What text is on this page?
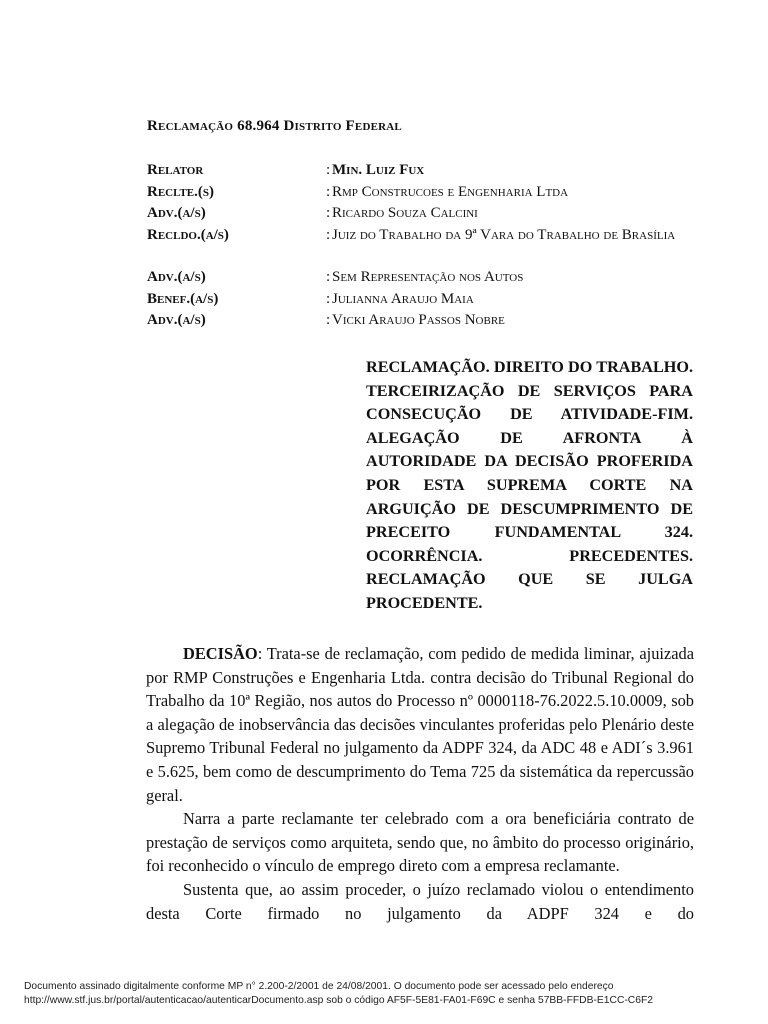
Reclamação 68.964 Distrito Federal
Relator	: Min. Luiz Fux
Reclte.(s)	: Rmp Construcoes e Engenharia Ltda
Adv.(a/s)	: Ricardo Souza Calcini
Recldo.(a/s)	: Juiz do Trabalho da 9ª Vara do Trabalho de Brasília
Adv.(a/s)	: Sem Representação nos Autos
Benef.(a/s)	: Julianna Araujo Maia
Adv.(a/s)	: Vicki Araujo Passos Nobre
RECLAMAÇÃO. DIREITO DO TRABALHO. TERCEIRIZAÇÃO DE SERVIÇOS PARA CONSECUÇÃO DE ATIVIDADE-FIM. ALEGAÇÃO DE AFRONTA À AUTORIDADE DA DECISÃO PROFERIDA POR ESTA SUPREMA CORTE NA ARGUIÇÃO DE DESCUMPRIMENTO DE PRECEITO FUNDAMENTAL 324. OCORRÊNCIA. PRECEDENTES. RECLAMAÇÃO QUE SE JULGA PROCEDENTE.

DECISÃO: Trata-se de reclamação, com pedido de medida liminar, ajuizada por RMP Construções e Engenharia Ltda. contra decisão do Tribunal Regional do Trabalho da 10ª Região, nos autos do Processo nº 0000118-76.2022.5.10.0009, sob a alegação de inobservância das decisões vinculantes proferidas pelo Plenário deste Supremo Tribunal Federal no julgamento da ADPF 324, da ADC 48 e ADI´s 3.961 e 5.625, bem como de descumprimento do Tema 725 da sistemática da repercussão geral.

Narra a parte reclamante ter celebrado com a ora beneficiária contrato de prestação de serviços como arquiteta, sendo que, no âmbito do processo originário, foi reconhecido o vínculo de emprego direto com a empresa reclamante.

Sustenta que, ao assim proceder, o juízo reclamado violou o entendimento desta Corte firmado no julgamento da ADPF 324 e do

Documento assinado digitalmente conforme MP n° 2.200-2/2001 de 24/08/2001. O documento pode ser acessado pelo endereço
http://www.stf.jus.br/portal/autenticacao/autenticarDocumento.asp sob o código AF5F-5E81-FA01-F69C e senha 57BB-FFDB-E1CC-C6F2
